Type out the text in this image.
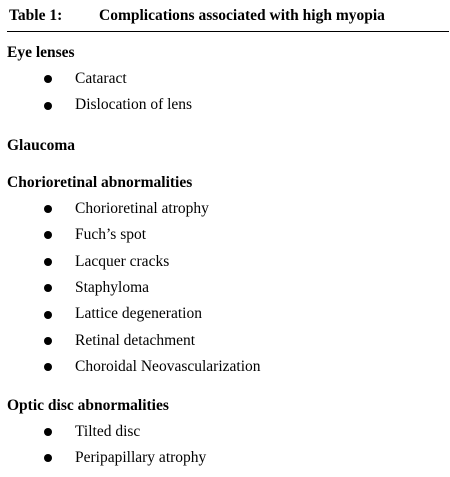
Table 1: Complications associated with high myopia
Eye lenses
Cataract
Dislocation of lens
Glaucoma
Chorioretinal abnormalities
Chorioretinal atrophy
Fuch’s spot
Lacquer cracks
Staphyloma
Lattice degeneration
Retinal detachment
Choroidal Neovascularization
Optic disc abnormalities
Tilted disc
Peripapillary atrophy
